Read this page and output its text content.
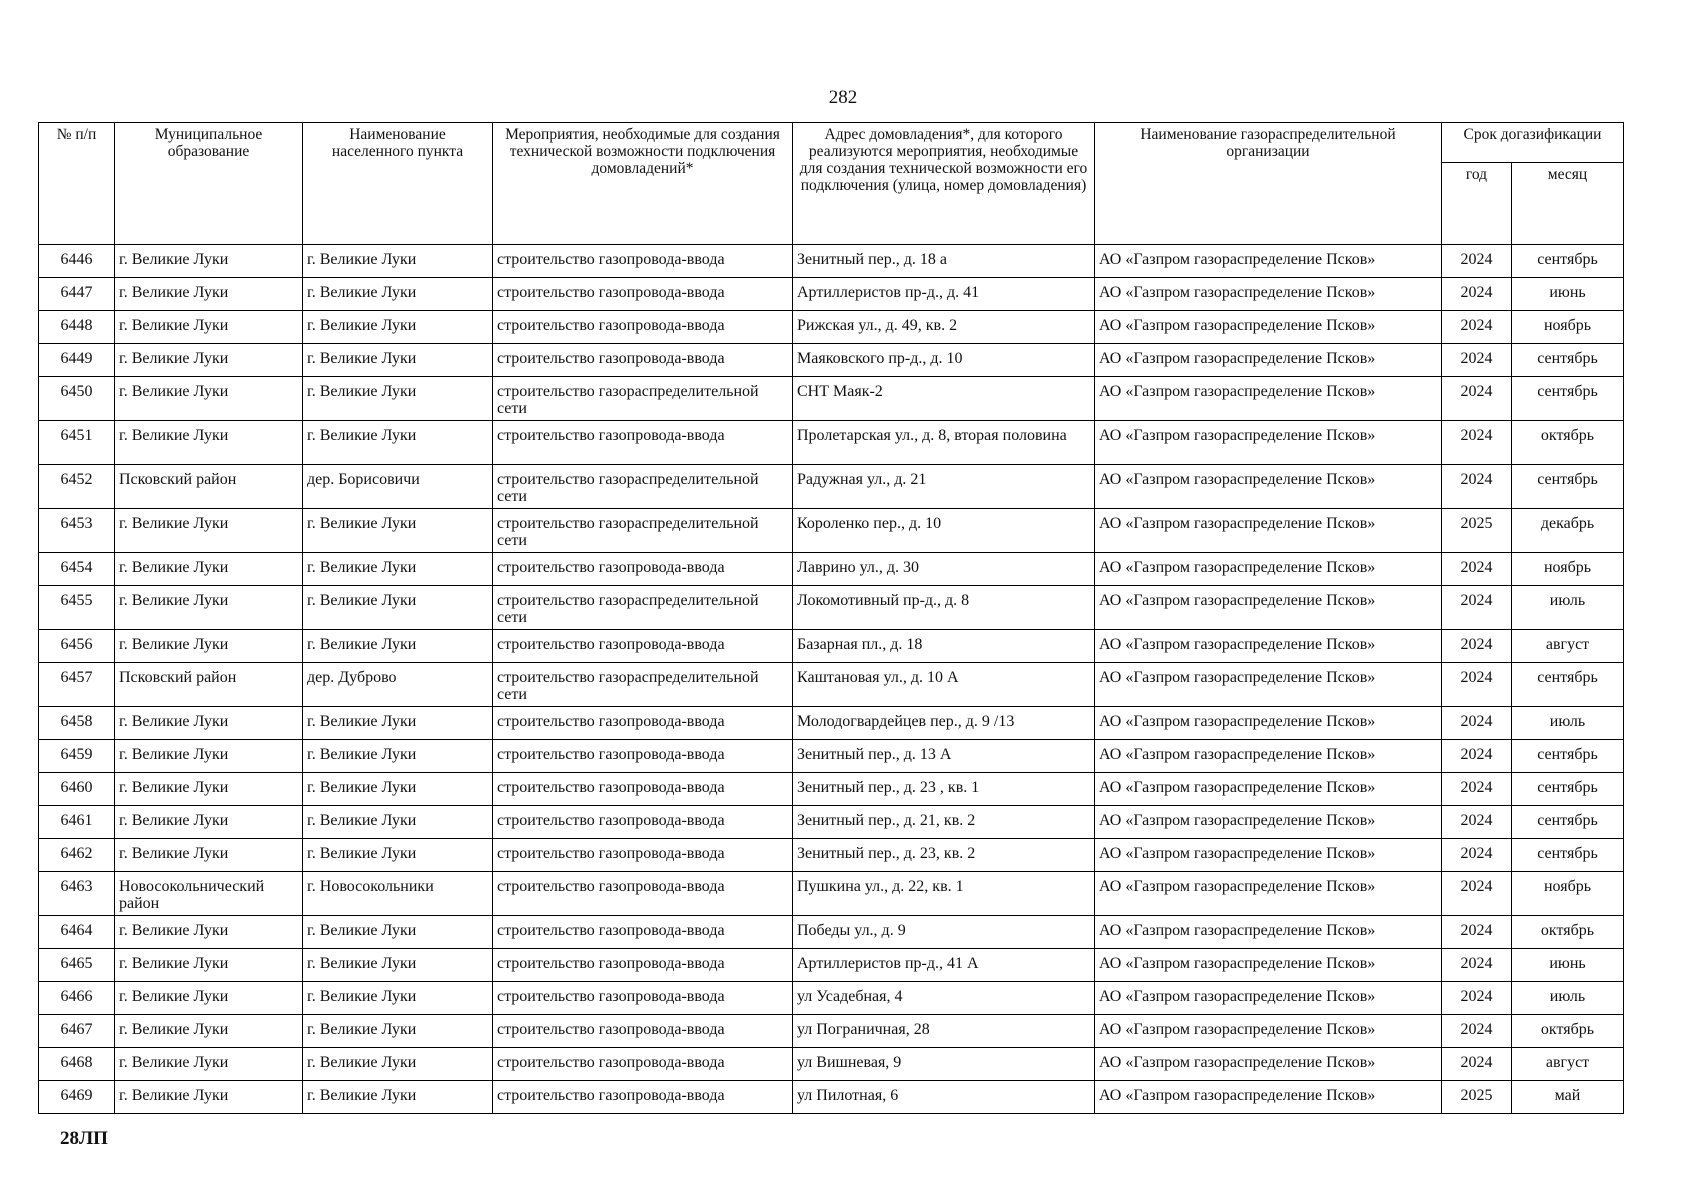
282
№ п/п	Муниципальное образование	Наименование населенного пункта	Мероприятия, необходимые для создания технической возможности подключения домовладений*	Адрес домовладения*, для которого реализуются мероприятия, необходимые для создания технической возможности его подключения (улица, номер домовладения)	Наименование газораспределительной организации	Срок догазификации	
						год	месяц
6446	г. Великие Луки	г. Великие Луки	строительство газопровода-ввода	Зенитный пер., д. 18 а	АО «Газпром газораспределение Псков»	2024	сентябрь
6447	г. Великие Луки	г. Великие Луки	строительство газопровода-ввода	Артиллеристов пр-д., д. 41	АО «Газпром газораспределение Псков»	2024	июнь
6448	г. Великие Луки	г. Великие Луки	строительство газопровода-ввода	Рижская ул., д. 49, кв. 2	АО «Газпром газораспределение Псков»	2024	ноябрь
6449	г. Великие Луки	г. Великие Луки	строительство газопровода-ввода	Маяковского пр-д., д. 10	АО «Газпром газораспределение Псков»	2024	сентябрь
6450	г. Великие Луки	г. Великие Луки	строительство газораспределительной сети	СНТ Маяк-2	АО «Газпром газораспределение Псков»	2024	сентябрь
6451	г. Великие Луки	г. Великие Луки	строительство газопровода-ввода	Пролетарская ул., д. 8, вторая половина	АО «Газпром газораспределение Псков»	2024	октябрь
6452	Псковский район	дер. Борисовичи	строительство газораспределительной сети	Радужная ул., д. 21	АО «Газпром газораспределение Псков»	2024	сентябрь
6453	г. Великие Луки	г. Великие Луки	строительство газораспределительной сети	Короленко пер., д. 10	АО «Газпром газораспределение Псков»	2025	декабрь
6454	г. Великие Луки	г. Великие Луки	строительство газопровода-ввода	Лаврино ул., д. 30	АО «Газпром газораспределение Псков»	2024	ноябрь
6455	г. Великие Луки	г. Великие Луки	строительство газораспределительной сети	Локомотивный пр-д., д. 8	АО «Газпром газораспределение Псков»	2024	июль
6456	г. Великие Луки	г. Великие Луки	строительство газопровода-ввода	Базарная пл., д. 18	АО «Газпром газораспределение Псков»	2024	август
6457	Псковский район	дер. Дуброво	строительство газораспределительной сети	Каштановая ул., д. 10 А	АО «Газпром газораспределение Псков»	2024	сентябрь
6458	г. Великие Луки	г. Великие Луки	строительство газопровода-ввода	Молодогвардейцев пер., д. 9 /13	АО «Газпром газораспределение Псков»	2024	июль
6459	г. Великие Луки	г. Великие Луки	строительство газопровода-ввода	Зенитный пер., д. 13 А	АО «Газпром газораспределение Псков»	2024	сентябрь
6460	г. Великие Луки	г. Великие Луки	строительство газопровода-ввода	Зенитный пер., д. 23 , кв. 1	АО «Газпром газораспределение Псков»	2024	сентябрь
6461	г. Великие Луки	г. Великие Луки	строительство газопровода-ввода	Зенитный пер., д. 21, кв. 2	АО «Газпром газораспределение Псков»	2024	сентябрь
6462	г. Великие Луки	г. Великие Луки	строительство газопровода-ввода	Зенитный пер., д. 23, кв. 2	АО «Газпром газораспределение Псков»	2024	сентябрь
6463	Новосокольнический район	г. Новосокольники	строительство газопровода-ввода	Пушкина ул., д. 22, кв. 1	АО «Газпром газораспределение Псков»	2024	ноябрь
6464	г. Великие Луки	г. Великие Луки	строительство газопровода-ввода	Победы ул., д. 9	АО «Газпром газораспределение Псков»	2024	октябрь
6465	г. Великие Луки	г. Великие Луки	строительство газопровода-ввода	Артиллеристов пр-д., 41 А	АО «Газпром газораспределение Псков»	2024	июнь
6466	г. Великие Луки	г. Великие Луки	строительство газопровода-ввода	ул Усадебная, 4	АО «Газпром газораспределение Псков»	2024	июль
6467	г. Великие Луки	г. Великие Луки	строительство газопровода-ввода	ул Пограничная, 28	АО «Газпром газораспределение Псков»	2024	октябрь
6468	г. Великие Луки	г. Великие Луки	строительство газопровода-ввода	ул Вишневая, 9	АО «Газпром газораспределение Псков»	2024	август
6469	г. Великие Луки	г. Великие Луки	строительство газопровода-ввода	ул Пилотная, 6	АО «Газпром газораспределение Псков»	2025	май
28ЛП
